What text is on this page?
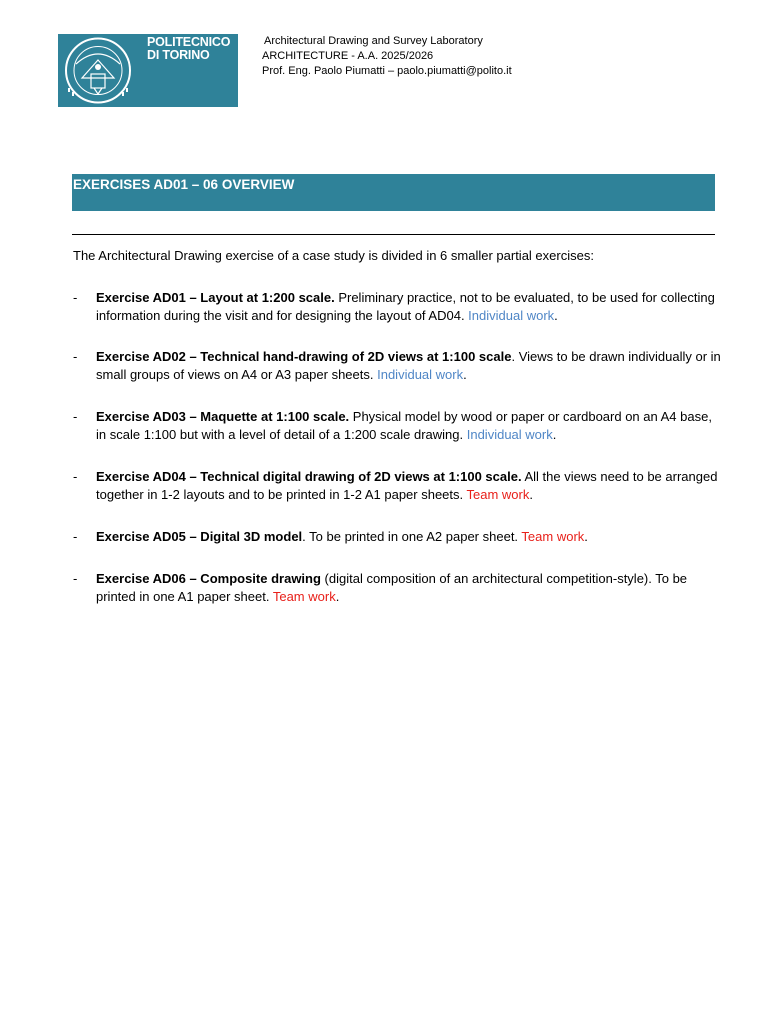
POLITECNICO
DI TORINO
Architectural Drawing and Survey Laboratory
ARCHITECTURE - A.A. 2025/2026
Prof. Eng. Paolo Piumatti – paolo.piumatti@polito.it
EXERCISES AD01 – 06 OVERVIEW
The Architectural Drawing exercise of a case study is divided in 6 smaller partial exercises:
- Exercise AD01 – Layout at 1:200 scale. Preliminary practice, not to be evaluated, to be used for collecting information during the visit and for designing the layout of AD04. Individual work.
- Exercise AD02 – Technical hand-drawing of 2D views at 1:100 scale. Views to be drawn individually or in small groups of views on A4 or A3 paper sheets. Individual work.
- Exercise AD03 – Maquette at 1:100 scale. Physical model by wood or paper or cardboard on an A4 base, in scale 1:100 but with a level of detail of a 1:200 scale drawing. Individual work.
- Exercise AD04 – Technical digital drawing of 2D views at 1:100 scale. All the views need to be arranged together in 1-2 layouts and to be printed in 1-2 A1 paper sheets. Team work.
- Exercise AD05 – Digital 3D model. To be printed in one A2 paper sheet. Team work.
- Exercise AD06 – Composite drawing (digital composition of an architectural competition-style). To be printed in one A1 paper sheet. Team work.
